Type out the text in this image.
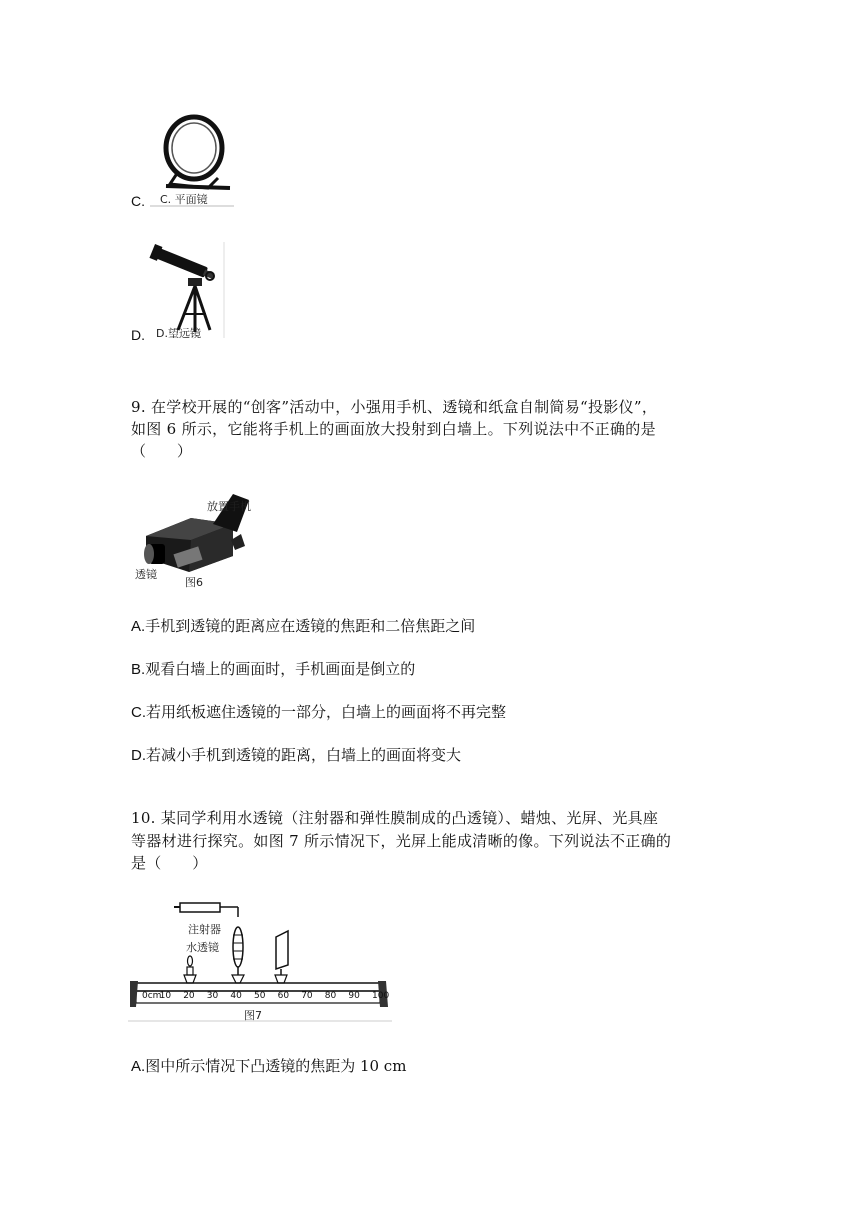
C. C. 平面镜
D. D.望远镜
9. 在学校开展的“创客”活动中，小强用手机、透镜和纸盒自制简易“投影仪”，
如图 6 所示，它能将手机上的画面放大投射到白墙上。下列说法中不正确的是
（　　）
放置手机
透镜
图6
A.手机到透镜的距离应在透镜的焦距和二倍焦距之间
B.观看白墙上的画面时，手机画面是倒立的
C.若用纸板遮住透镜的一部分，白墙上的画面将不再完整
D.若减小手机到透镜的距离，白墙上的画面将变大
10. 某同学利用水透镜（注射器和弹性膜制成的凸透镜）、蜡烛、光屏、光具座
等器材进行探究。如图 7 所示情况下，光屏上能成清晰的像。下列说法不正确的
是（　　）
注射器
水透镜
0cm
10 20 30 40 50 60 70 80 90 100
图7
A.图中所示情况下凸透镜的焦距为 10 cm
